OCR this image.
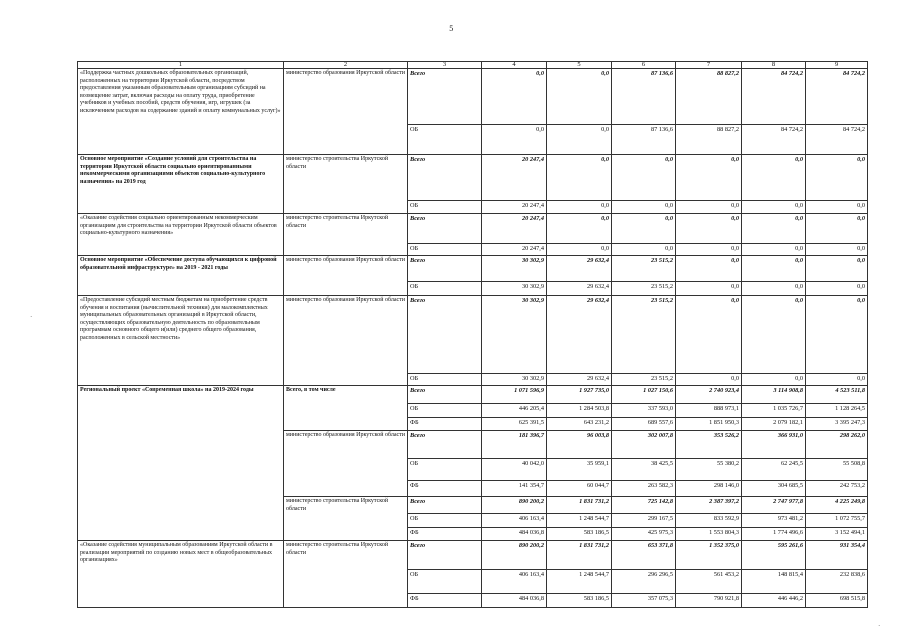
5
1	2	3	4	5	6	7	8	9
«Поддержка частных дошкольных образовательных организаций, расположенных на территории Иркутской области, посредством предоставления указанным образовательным организациям субсидий на возмещение затрат, включая расходы на оплату труда, приобретение учебников и учебных пособий, средств обучения, игр, игрушек (за исключением расходов на содержание зданий и оплату коммунальных услуг)»	министерство образования Иркутской области	Всего	0,0	0,0	87 136,6	88 827,2	84 724,2	84 724,2
		ОБ	0,0	0,0	87 136,6	88 827,2	84 724,2	84 724,2
Основное мероприятие «Создание условий для строительства на территории Иркутской области социально ориентированными некоммерческими организациями объектов социально-культурного назначения» на 2019 год	министерство строительства Иркутской области	Всего	20 247,4	0,0	0,0	0,0	0,0	0,0
		ОБ	20 247,4	0,0	0,0	0,0	0,0	0,0
«Оказание содействия социально ориентированным некоммерческим организациям для строительства на территории Иркутской области объектов социально-культурного назначения»	министерство строительства Иркутской области	Всего	20 247,4	0,0	0,0	0,0	0,0	0,0
		ОБ	20 247,4	0,0	0,0	0,0	0,0	0,0
Основное мероприятие «Обеспечение доступа обучающихся к цифровой образовательной инфраструктуре» на 2019 - 2021 годы	министерство образования Иркутской области	Всего	30 302,9	29 632,4	23 515,2	0,0	0,0	0,0
		ОБ	30 302,9	29 632,4	23 515,2	0,0	0,0	0,0
«Предоставление субсидий местным бюджетам на приобретение средств обучения и воспитания (вычислительной техники) для малокомплектных муниципальных образовательных организаций в Иркутской области, осуществляющих образовательную деятельность по образовательным программам основного общего и(или) среднего общего образования, расположенных в сельской местности»	министерство образования Иркутской области	Всего	30 302,9	29 632,4	23 515,2	0,0	0,0	0,0
		ОБ	30 302,9	29 632,4	23 515,2	0,0	0,0	0,0
Региональный проект «Современная школа» на 2019-2024 годы	Всего, в том числе	Всего	1 071 596,9	1 927 735,0	1 027 150,6	2 740 923,4	3 114 908,8	4 523 511,8
		ОБ	446 205,4	1 284 503,8	337 593,0	888 973,1	1 035 726,7	1 128 264,5
		ФБ	625 391,5	643 231,2	689 557,6	1 851 950,3	2 079 182,1	3 395 247,3
	министерство образования Иркутской области	Всего	181 396,7	96 003,8	302 007,8	353 526,2	366 931,0	298 262,0
		ОБ	40 042,0	35 959,1	38 425,5	55 380,2	62 245,5	55 508,8
		ФБ	141 354,7	60 044,7	263 582,3	298 146,0	304 685,5	242 753,2
	министерство строительства Иркутской области	Всего	890 200,2	1 831 731,2	725 142,8	2 387 397,2	2 747 977,8	4 225 249,8
		ОБ	406 163,4	1 248 544,7	299 167,5	833 592,9	973 481,2	1 072 755,7
		ФБ	484 036,8	583 186,5	425 975,3	1 553 804,3	1 774 496,6	3 152 494,1
«Оказание содействия муниципальным образованиям Иркутской области в реализации мероприятий по созданию новых мест в общеобразовательных организациях»	министерство строительства Иркутской области	Всего	890 200,2	1 831 731,2	653 371,8	1 352 375,0	595 261,6	931 354,4
		ОБ	406 163,4	1 248 544,7	296 296,5	561 453,2	148 815,4	232 838,6
		ФБ	484 036,8	583 186,5	357 075,3	790 921,8	446 446,2	698 515,8
·
·
